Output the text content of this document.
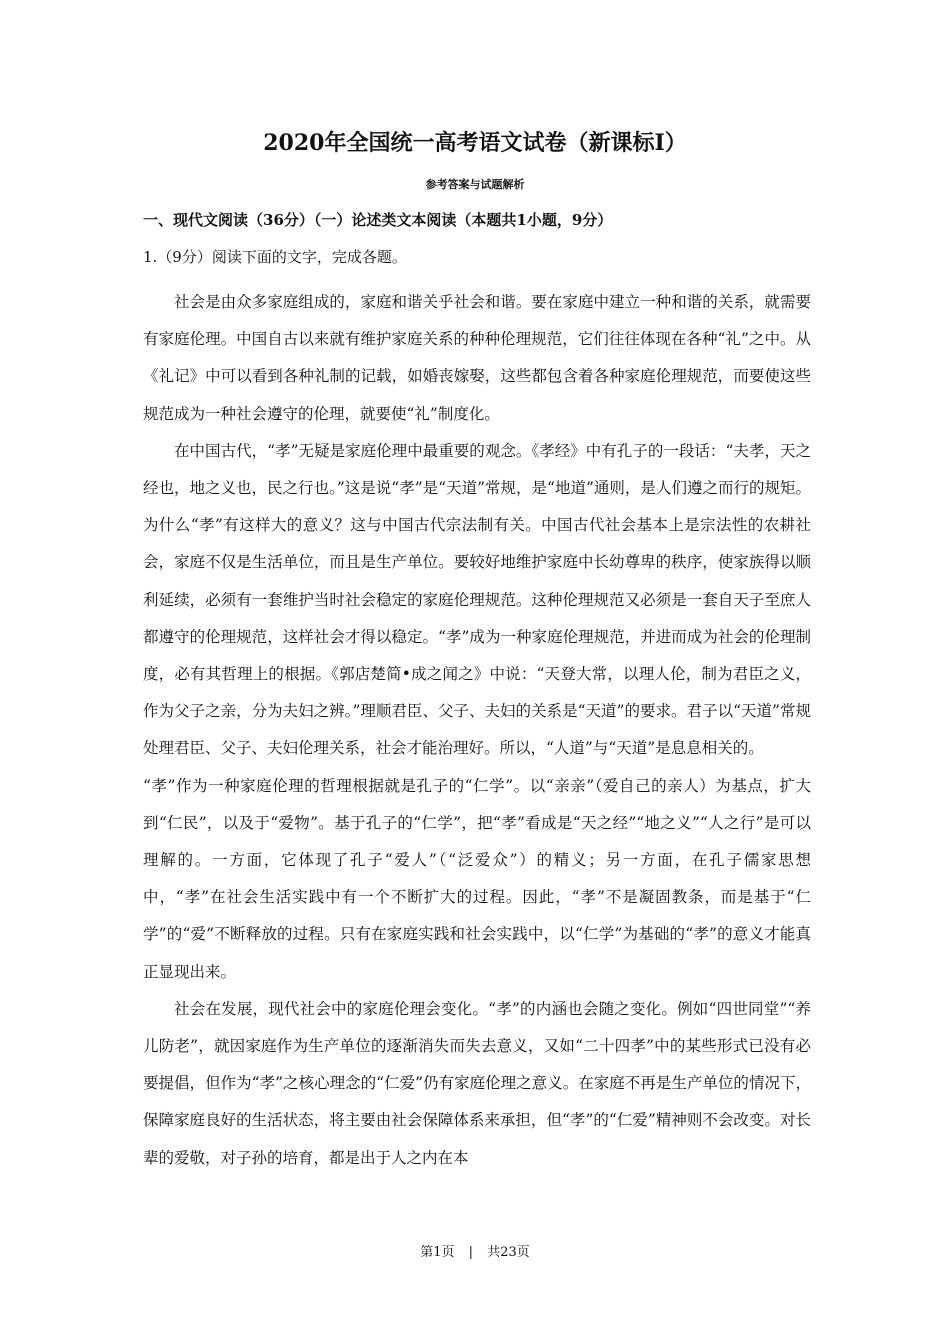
2020年全国统一高考语文试卷（新课标Ⅰ）
参考答案与试题解析
一、现代文阅读（36分）（一）论述类文本阅读（本题共1小题，9分）
1.（9分）阅读下面的文字，完成各题。

社会是由众多家庭组成的，家庭和谐关乎社会和谐。要在家庭中建立一种和谐的关系，就需要有家庭伦理。中国自古以来就有维护家庭关系的种种伦理规范，它们往往体现在各种“礼”之中。从《礼记》中可以看到各种礼制的记载，如婚丧嫁娶，这些都包含着各种家庭伦理规范，而要使这些规范成为一种社会遵守的伦理，就要使“礼”制度化。

在中国古代，“孝”无疑是家庭伦理中最重要的观念。《孝经》中有孔子的一段话：“夫孝，天之经也，地之义也，民之行也。”这是说“孝”是“天道”常规，是“地道”通则，是人们遵之而行的规矩。为什么“孝”有这样大的意义？这与中国古代宗法制有关。中国古代社会基本上是宗法性的农耕社会，家庭不仅是生活单位，而且是生产单位。要较好地维护家庭中长幼尊卑的秩序，使家族得以顺利延续，必须有一套维护当时社会稳定的家庭伦理规范。这种伦理规范又必须是一套自天子至庶人都遵守的伦理规范，这样社会才得以稳定。“孝”成为一种家庭伦理规范，并进而成为社会的伦理制度，必有其哲理上的根据。《郭店楚简•成之闻之》中说：“天登大常，以理人伦，制为君臣之义，作为父子之亲，分为夫妇之辨。”理顺君臣、父子、夫妇的关系是“天道”的要求。君子以“天道”常规处理君臣、父子、夫妇伦理关系，社会才能治理好。所以，“人道”与“天道”是息息相关的。

“孝”作为一种家庭伦理的哲理根据就是孔子的“仁学”。以“亲亲”（爱自己的亲人）为基点，扩大到“仁民”，以及于“爱物”。基于孔子的“仁学”，把“孝”看成是“天之经”“地之义”“人之行”是可以理解的。一方面，它体现了孔子“爱人”（“泛爱众”）的精义；另一方面，在孔子儒家思想中，“孝”在社会生活实践中有一个不断扩大的过程。因此，“孝”不是凝固教条，而是基于“仁学”的“爱”不断释放的过程。只有在家庭实践和社会实践中，以“仁学”为基础的“孝”的意义才能真正显现出来。

社会在发展，现代社会中的家庭伦理会变化。“孝”的内涵也会随之变化。例如“四世同堂”“养儿防老”，就因家庭作为生产单位的逐渐消失而失去意义，又如“二十四孝”中的某些形式已没有必要提倡，但作为“孝”之核心理念的“仁爱”仍有家庭伦理之意义。在家庭不再是生产单位的情况下，保障家庭良好的生活状态，将主要由社会保障体系来承担，但“孝”的“仁爱”精神则不会改变。对长辈的爱敬，对子孙的培育，都是出于人之内在本

第1页 | 共23页
